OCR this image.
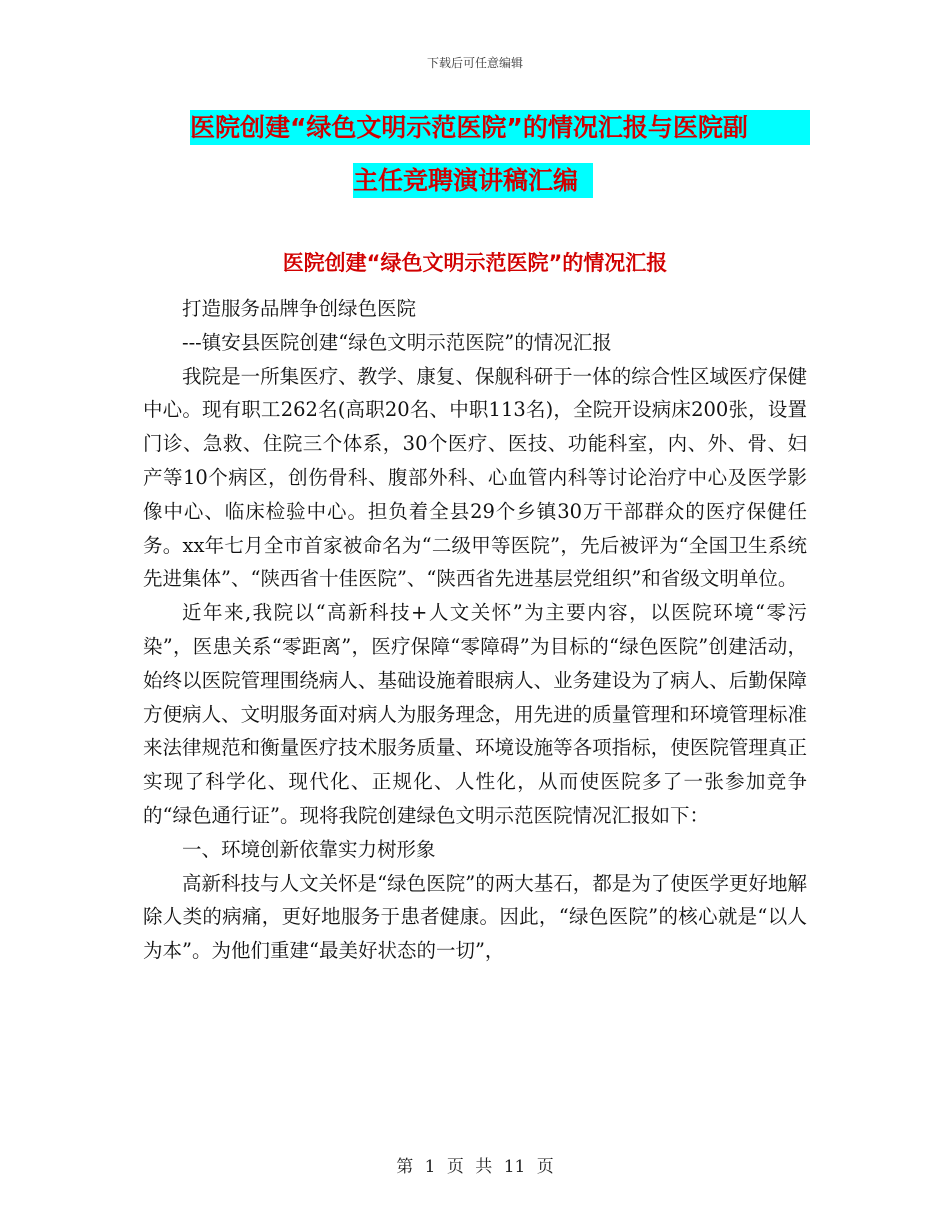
下载后可任意编辑
医院创建“绿色文明示范医院”的情况汇报与医院副
主任竞聘演讲稿汇编
医院创建“绿色文明示范医院”的情况汇报

打造服务品牌争创绿色医院

---镇安县医院创建“绿色文明示范医院”的情况汇报

我院是一所集医疗、教学、康复、保舰科研于一体的综合性区域医疗保健中心。现有职工262名(高职20名、中职113名)，全院开设病床200张，设置门诊、急救、住院三个体系，30个医疗、医技、功能科室，内、外、骨、妇产等10个病区，创伤骨科、腹部外科、心血管内科等讨论治疗中心及医学影像中心、临床检验中心。担负着全县29个乡镇30万干部群众的医疗保健任务。xx年七月全市首家被命名为“二级甲等医院”，先后被评为“全国卫生系统先进集体”、“陕西省十佳医院”、“陕西省先进基层党组织”和省级文明单位。

近年来,我院以“高新科技+人文关怀”为主要内容，以医院环境“零污染”，医患关系“零距离”，医疗保障“零障碍”为目标的“绿色医院”创建活动，始终以医院管理围绕病人、基础设施着眼病人、业务建设为了病人、后勤保障方便病人、文明服务面对病人为服务理念，用先进的质量管理和环境管理标准来法律规范和衡量医疗技术服务质量、环境设施等各项指标，使医院管理真正实现了科学化、现代化、正规化、人性化，从而使医院多了一张参加竞争的“绿色通行证”。现将我院创建绿色文明示范医院情况汇报如下：

一、环境创新依靠实力树形象

高新科技与人文关怀是“绿色医院”的两大基石，都是为了使医学更好地解除人类的病痛，更好地服务于患者健康。因此，“绿色医院”的核心就是“以人为本”。为他们重建“最美好状态的一切”，

第 1 页 共 11 页
